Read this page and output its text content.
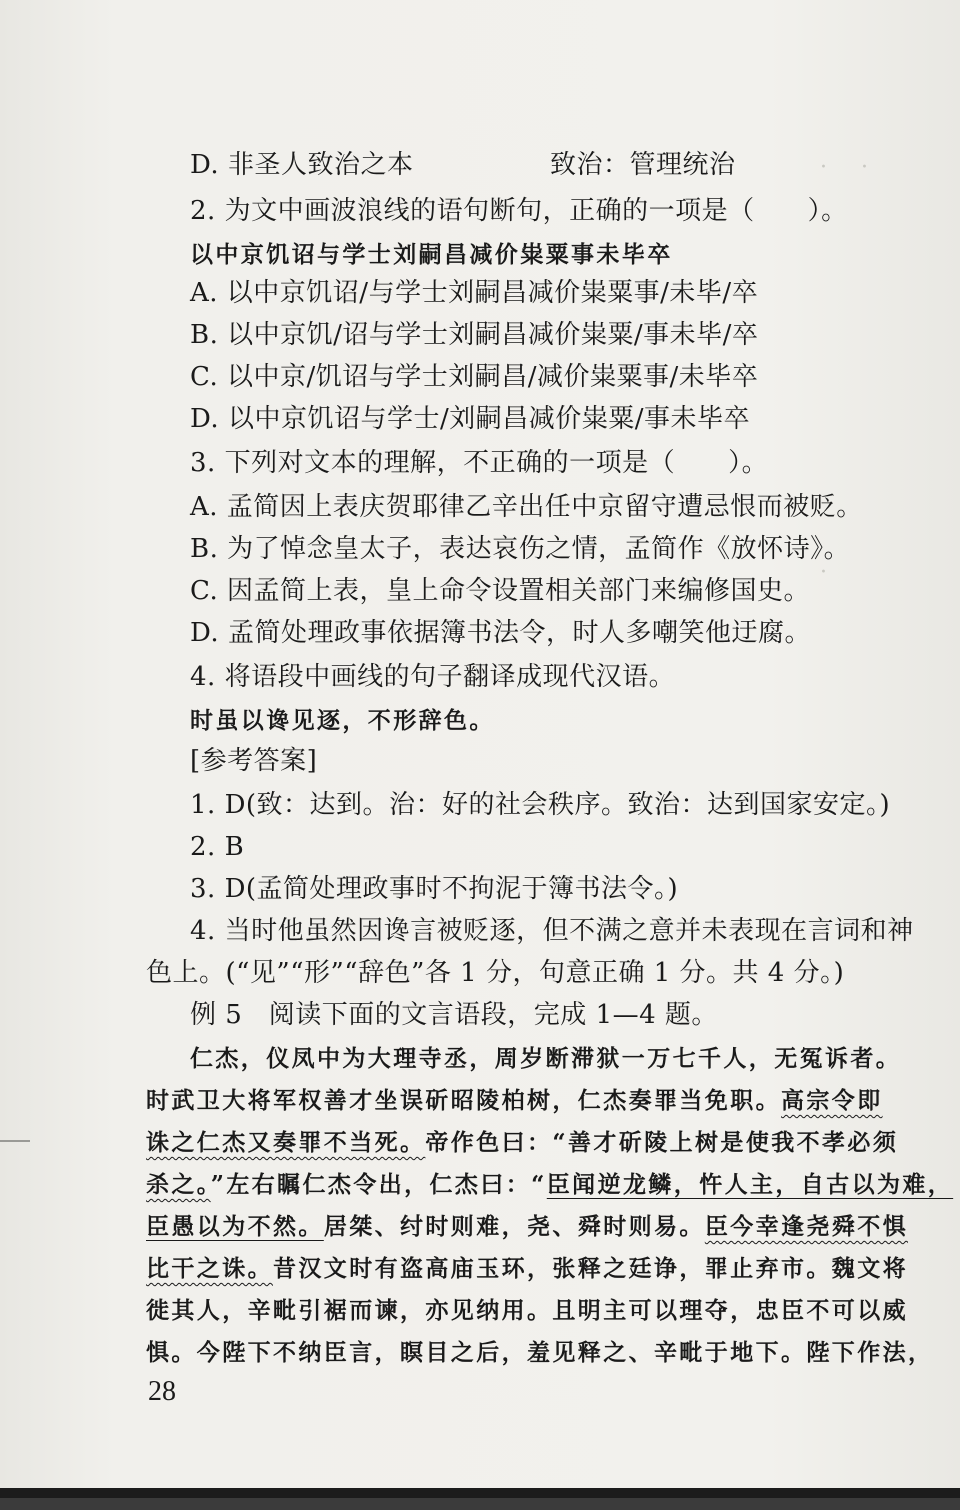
·　·
·
D. 非圣人致治之本	致治：管理统治
2. 为文中画波浪线的语句断句，正确的一项是（　　）。
以中京饥诏与学士刘嗣昌减价粜粟事未毕卒
A. 以中京饥诏/与学士刘嗣昌减价粜粟事/未毕/卒
B. 以中京饥/诏与学士刘嗣昌减价粜粟/事未毕/卒
C. 以中京/饥诏与学士刘嗣昌/减价粜粟事/未毕卒
D. 以中京饥诏与学士/刘嗣昌减价粜粟/事未毕卒
3. 下列对文本的理解，不正确的一项是（　　）。
A. 孟简因上表庆贺耶律乙辛出任中京留守遭忌恨而被贬。
B. 为了悼念皇太子，表达哀伤之情，孟简作《放怀诗》。
C. 因孟简上表，皇上命令设置相关部门来编修国史。
D. 孟简处理政事依据簿书法令，时人多嘲笑他迂腐。
4. 将语段中画线的句子翻译成现代汉语。
时虽以谗见逐，不形辞色。
[参考答案]
1. D(致：达到。治：好的社会秩序。致治：达到国家安定。)
2. B
3. D(孟简处理政事时不拘泥于簿书法令。)
4. 当时他虽然因谗言被贬逐，但不满之意并未表现在言词和神
色上。(“见”“形”“辞色”各 1 分，句意正确 1 分。共 4 分。)
例 5　阅读下面的文言语段，完成 1—4 题。
仁杰，仪凤中为大理寺丞，周岁断滞狱一万七千人，无冤诉者。
时武卫大将军权善才坐误斫昭陵柏树，仁杰奏罪当免职。高宗令即
诛之仁杰又奏罪不当死。帝作色曰：“善才斫陵上树是使我不孝必须
杀之。”左右瞩仁杰令出，仁杰曰：“臣闻逆龙鳞，忤人主，自古以为难，
臣愚以为不然。居桀、纣时则难，尧、舜时则易。臣今幸逢尧舜不惧
比干之诛。昔汉文时有盗高庙玉环，张释之廷诤，罪止弃市。魏文将
徙其人，辛毗引裾而谏，亦见纳用。且明主可以理夺，忠臣不可以威
惧。今陛下不纳臣言，瞑目之后，羞见释之、辛毗于地下。陛下作法，
28
